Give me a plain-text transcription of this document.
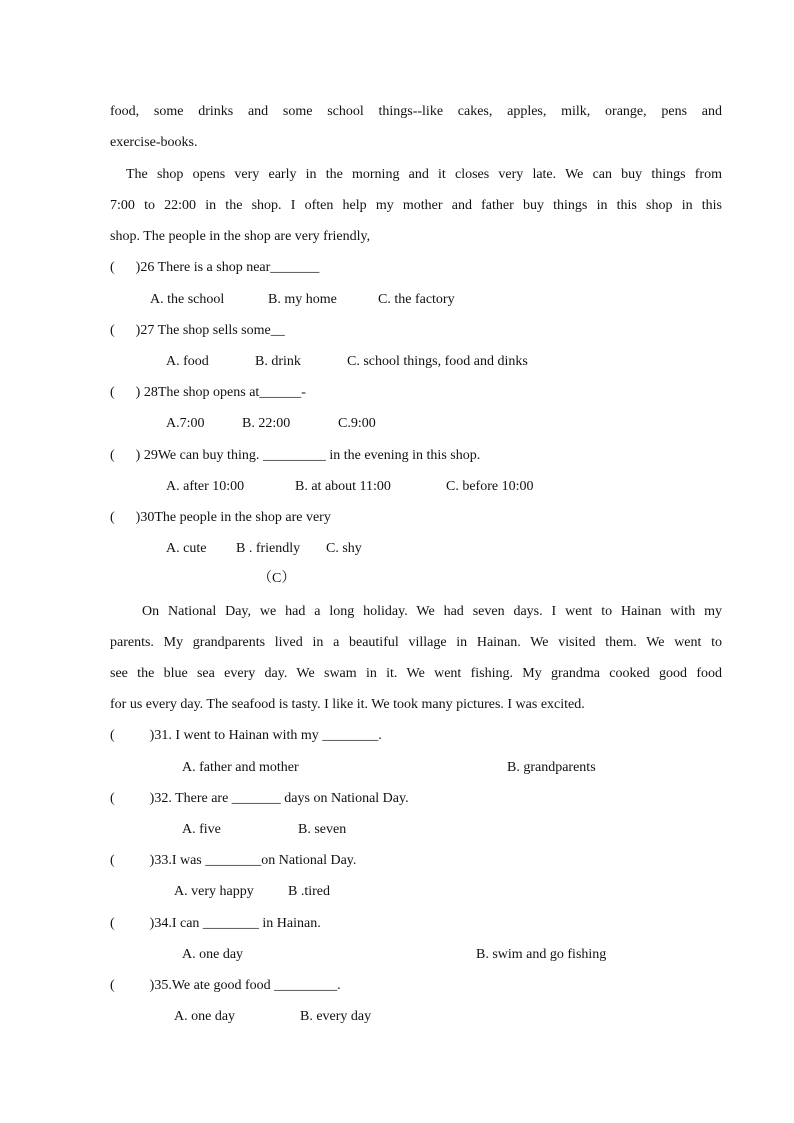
food, some drinks and some school things--like cakes, apples, milk, orange, pens and
exercise-books.
The shop opens very early in the morning and it closes very late. We can buy things from
7:00 to 22:00 in the shop. I often help my mother and father buy things in this shop in this
shop. The people in the shop are very friendly,
(      )26 There is a shop near_______
A. the school	B. my home	C. the factory
(      )27 The shop sells some__
A. food	B. drink	C. school things, food and dinks
(      ) 28The shop opens at______-
A.7:00	B. 22:00	C.9:00
(      ) 29We can buy thing. _________ in the evening in this shop.
A. after 10:00	B. at about 11:00	C. before 10:00
(      )30The people in the shop are very
A. cute B . friendly C. shy
（C）
On National Day, we had a long holiday. We had seven days. I went to Hainan with my
parents. My grandparents lived in a beautiful village in Hainan. We visited them. We went to
see the blue sea every day. We swam in it. We went fishing. My grandma cooked good food
for us every day. The seafood is tasty. I like it. We took many pictures. I was excited.
(          )31. I went to Hainan with my ________.
A. father and mother	B. grandparents
(          )32. There are _______ days on National Day.
A. five	B. seven
(          )33.I was ________on National Day.
A. very happy B .tired
(          )34.I can ________ in Hainan.
A. one day	B. swim and go fishing
(          )35.We ate good food _________.
A. one day	B. every day
